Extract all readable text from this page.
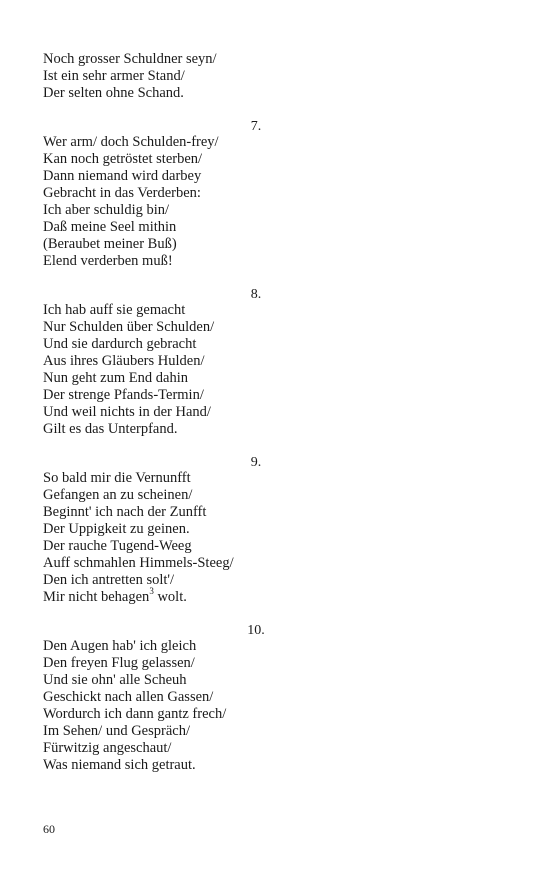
Noch grosser Schuldner seyn/
Ist ein sehr armer Stand/
Der selten ohne Schand.
7.
Wer arm/ doch Schulden-frey/
Kan noch getröstet sterben/
Dann niemand wird darbey
Gebracht in das Verderben:
Ich aber schuldig bin/
Daß meine Seel mithin
(Beraubet meiner Buß)
Elend verderben muß!
8.
Ich hab auff sie gemacht
Nur Schulden über Schulden/
Und sie dardurch gebracht
Aus ihres Gläubers Hulden/
Nun geht zum End dahin
Der strenge Pfands-Termin/
Und weil nichts in der Hand/
Gilt es das Unterpfand.
9.
So bald mir die Vernunfft
Gefangen an zu scheinen/
Beginnt' ich nach der Zunfft
Der Uppigkeit zu geinen.
Der rauche Tugend-Weeg
Auff schmahlen Himmels-Steeg/
Den ich antretten solt'/
Mir nicht behagen$^3$ wolt.
10.
Den Augen hab' ich gleich
Den freyen Flug gelassen/
Und sie ohn' alle Scheuh
Geschickt nach allen Gassen/
Wordurch ich dann gantz frech/
Im Sehen/ und Gespräch/
Fürwitzig angeschaut/
Was niemand sich getraut.
60
